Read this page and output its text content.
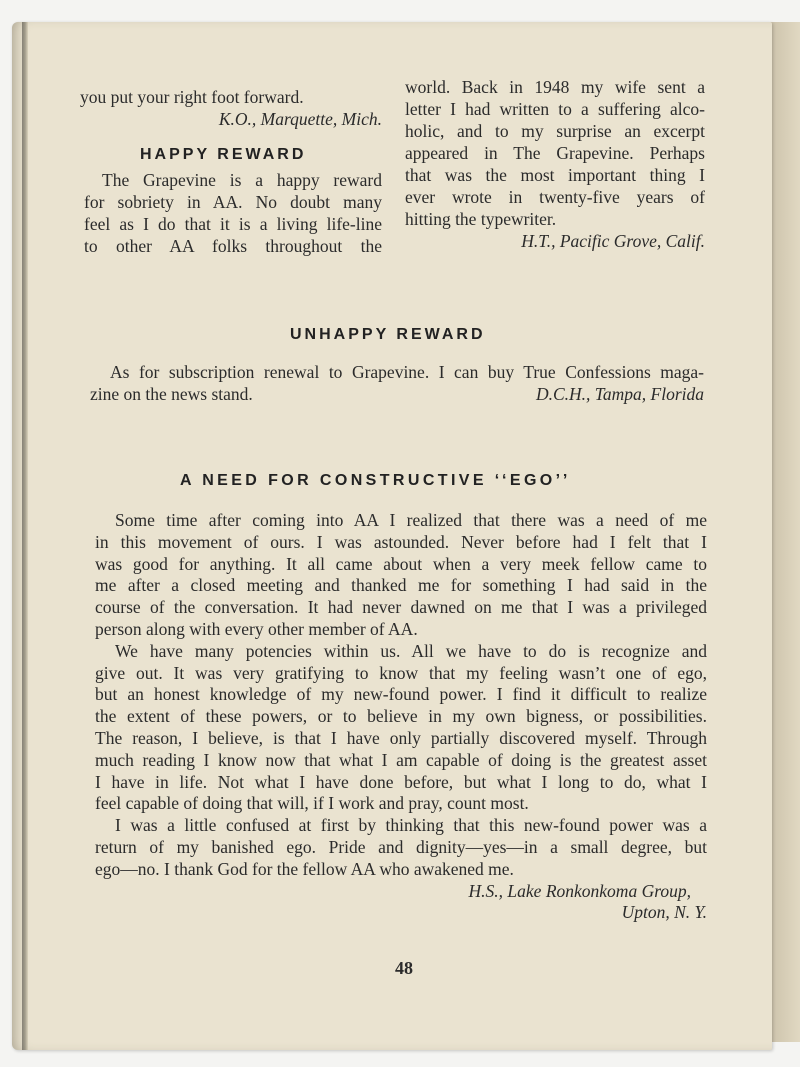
you put your right foot forward.
K.O., Marquette, Mich.
HAPPY REWARD

The Grapevine is a happy reward

for sobriety in AA. No doubt many

feel as I do that it is a living life-line

to other AA folks throughout the

world. Back in 1948 my wife sent a

letter I had written to a suffering alco-

holic, and to my surprise an excerpt

appeared in The Grapevine. Perhaps

that was the most important thing I

ever wrote in twenty-five years of

hitting the typewriter.

H.T., Pacific Grove, Calif.
UNHAPPY REWARD

As for subscription renewal to Grapevine. I can buy True Confessions maga-

zine on the news stand.	D.C.H., Tampa, Florida
A NEED FOR CONSTRUCTIVE ‘‘EGO’’

Some time after coming into AA I realized that there was a need of me

in this movement of ours. I was astounded. Never before had I felt that I

was good for anything. It all came about when a very meek fellow came to

me after a closed meeting and thanked me for something I had said in the

course of the conversation. It had never dawned on me that I was a privileged

person along with every other member of AA.

We have many potencies within us. All we have to do is recognize and

give out. It was very gratifying to know that my feeling wasn’t one of ego,

but an honest knowledge of my new-found power. I find it difficult to realize

the extent of these powers, or to believe in my own bigness, or possibilities.

The reason, I believe, is that I have only partially discovered myself. Through

much reading I know now that what I am capable of doing is the greatest asset

I have in life. Not what I have done before, but what I long to do, what I

feel capable of doing that will, if I work and pray, count most.

I was a little confused at first by thinking that this new-found power was a

return of my banished ego. Pride and dignity—yes—in a small degree, but

ego—no. I thank God for the fellow AA who awakened me.

H.S., Lake Ronkonkoma Group,
Upton, N. Y.
48
